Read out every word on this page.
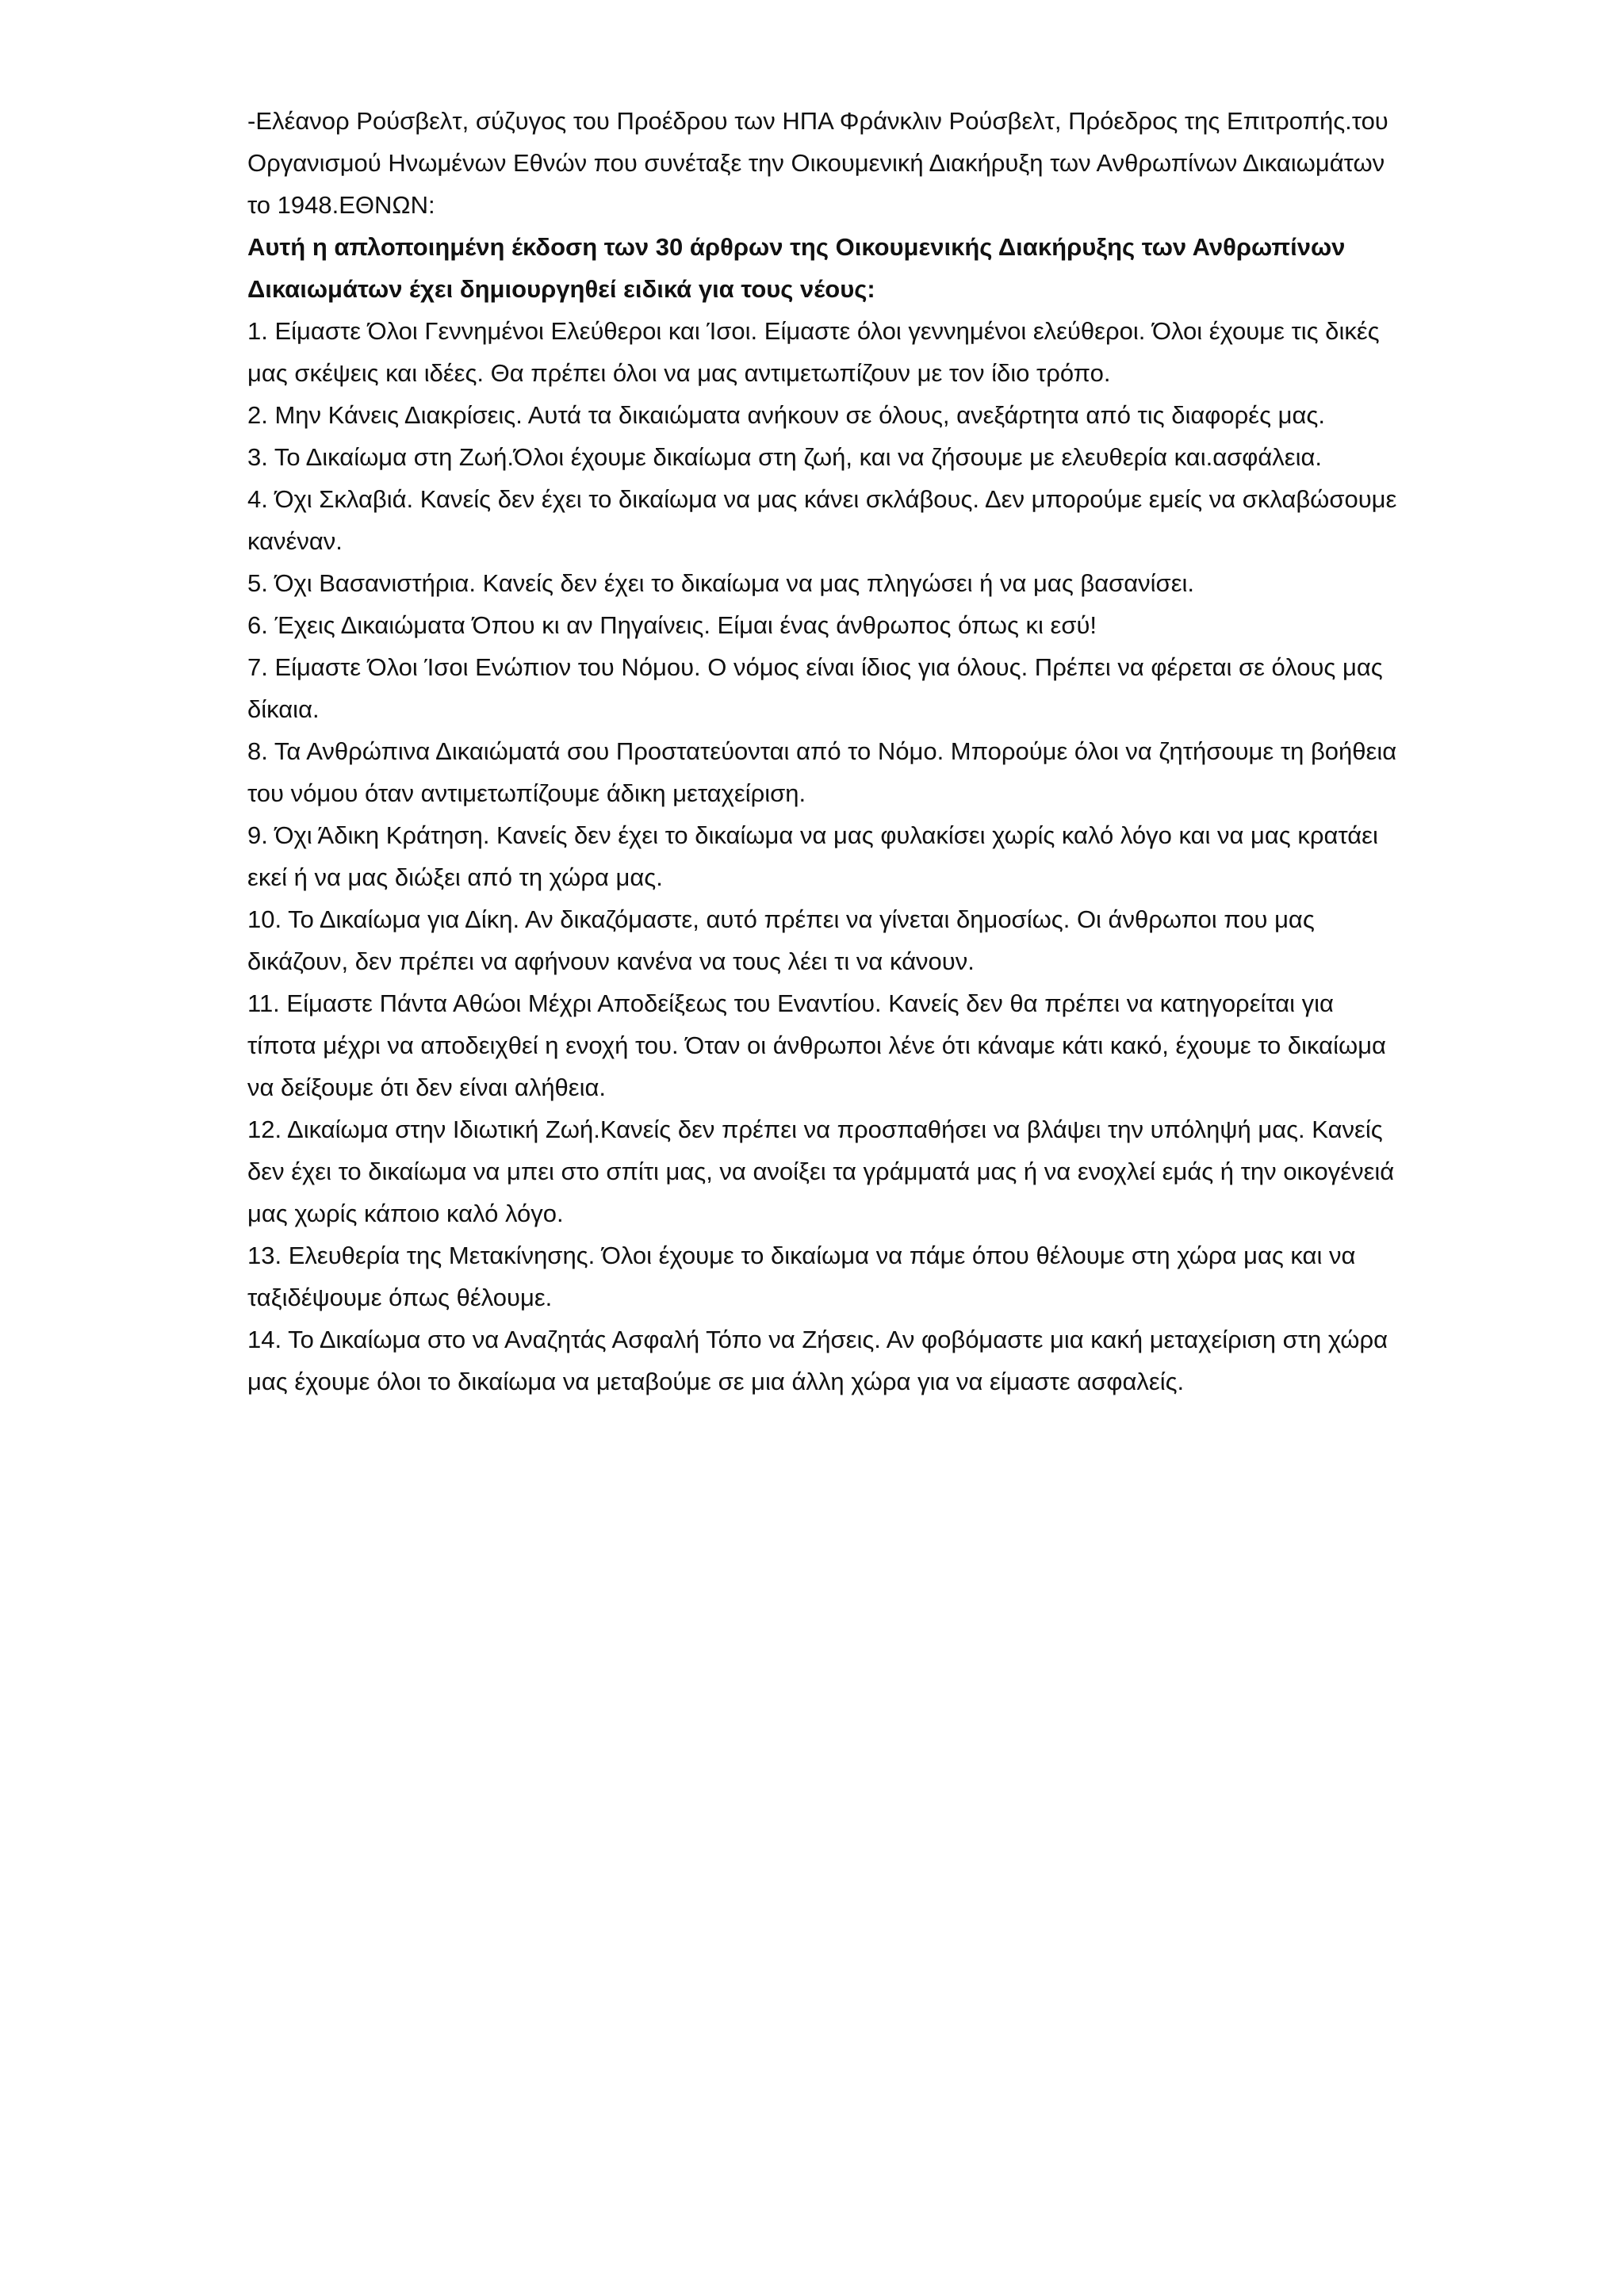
-Ελέανορ Ρούσβελτ, σύζυγος του Προέδρου των ΗΠΑ Φράνκλιν Ρούσβελτ, Πρόεδρος της Επιτροπής.του Οργανισμού Ηνωμένων Εθνών που συνέταξε την Οικουμενική Διακήρυξη των Ανθρωπίνων Δικαιωμάτων το 1948.ΕΘΝΩΝ:

Αυτή η απλοποιημένη έκδοση των 30 άρθρων της Οικουμενικής Διακήρυξης των Ανθρωπίνων Δικαιωμάτων έχει δημιουργηθεί ειδικά για τους νέους:

1. Είμαστε Όλοι Γεννημένοι Ελεύθεροι και Ίσοι. Είμαστε όλοι γεννημένοι ελεύθεροι. Όλοι έχουμε τις δικές μας σκέψεις και ιδέες. Θα πρέπει όλοι να μας αντιμετωπίζουν με τον ίδιο τρόπο.

2. Μην Κάνεις Διακρίσεις. Αυτά τα δικαιώματα ανήκουν σε όλους, ανεξάρτητα από τις διαφορές μας.

3. Το Δικαίωμα στη Ζωή.Όλοι έχουμε δικαίωμα στη ζωή, και να ζήσουμε με ελευθερία και.ασφάλεια.

4. Όχι Σκλαβιά. Κανείς δεν έχει το δικαίωμα να μας κάνει σκλάβους. Δεν μπορούμε εμείς να σκλαβώσουμε κανέναν.

5. Όχι Βασανιστήρια. Κανείς δεν έχει το δικαίωμα να μας πληγώσει ή να μας βασανίσει.

6. Έχεις Δικαιώματα Όπου κι αν Πηγαίνεις. Είμαι ένας άνθρωπος όπως κι εσύ!

7. Είμαστε Όλοι Ίσοι Ενώπιον του Νόμου. Ο νόμος είναι ίδιος για όλους. Πρέπει να φέρεται σε όλους μας δίκαια.

8. Τα Ανθρώπινα Δικαιώματά σου Προστατεύονται από το Νόμο. Μπορούμε όλοι να ζητήσουμε τη βοήθεια του νόμου όταν αντιμετωπίζουμε άδικη μεταχείριση.

9. Όχι Άδικη Κράτηση. Κανείς δεν έχει το δικαίωμα να μας φυλακίσει χωρίς καλό λόγο και να μας κρατάει εκεί ή να μας διώξει από τη χώρα μας.

10. Το Δικαίωμα για Δίκη. Αν δικαζόμαστε, αυτό πρέπει να γίνεται δημοσίως. Οι άνθρωποι που μας δικάζουν, δεν πρέπει να αφήνουν κανένα να τους λέει τι να κάνουν.

11. Είμαστε Πάντα Αθώοι Μέχρι Αποδείξεως του Εναντίου. Κανείς δεν θα πρέπει να κατηγορείται για τίποτα μέχρι να αποδειχθεί η ενοχή του. Όταν οι άνθρωποι λένε ότι κάναμε κάτι κακό, έχουμε το δικαίωμα να δείξουμε ότι δεν είναι αλήθεια.

12. Δικαίωμα στην Ιδιωτική Ζωή.Κανείς δεν πρέπει να προσπαθήσει να βλάψει την υπόληψή μας. Κανείς δεν έχει το δικαίωμα να μπει στο σπίτι μας, να ανοίξει τα γράμματά μας ή να ενοχλεί εμάς ή την οικογένειά μας χωρίς κάποιο καλό λόγο.

13. Ελευθερία της Μετακίνησης. Όλοι έχουμε το δικαίωμα να πάμε όπου θέλουμε στη χώρα μας και να ταξιδέψουμε όπως θέλουμε.

14. Το Δικαίωμα στο να Αναζητάς Ασφαλή Τόπο να Ζήσεις. Αν φοβόμαστε μια κακή μεταχείριση στη χώρα μας έχουμε όλοι το δικαίωμα να μεταβούμε σε μια άλλη χώρα για να είμαστε ασφαλείς.
